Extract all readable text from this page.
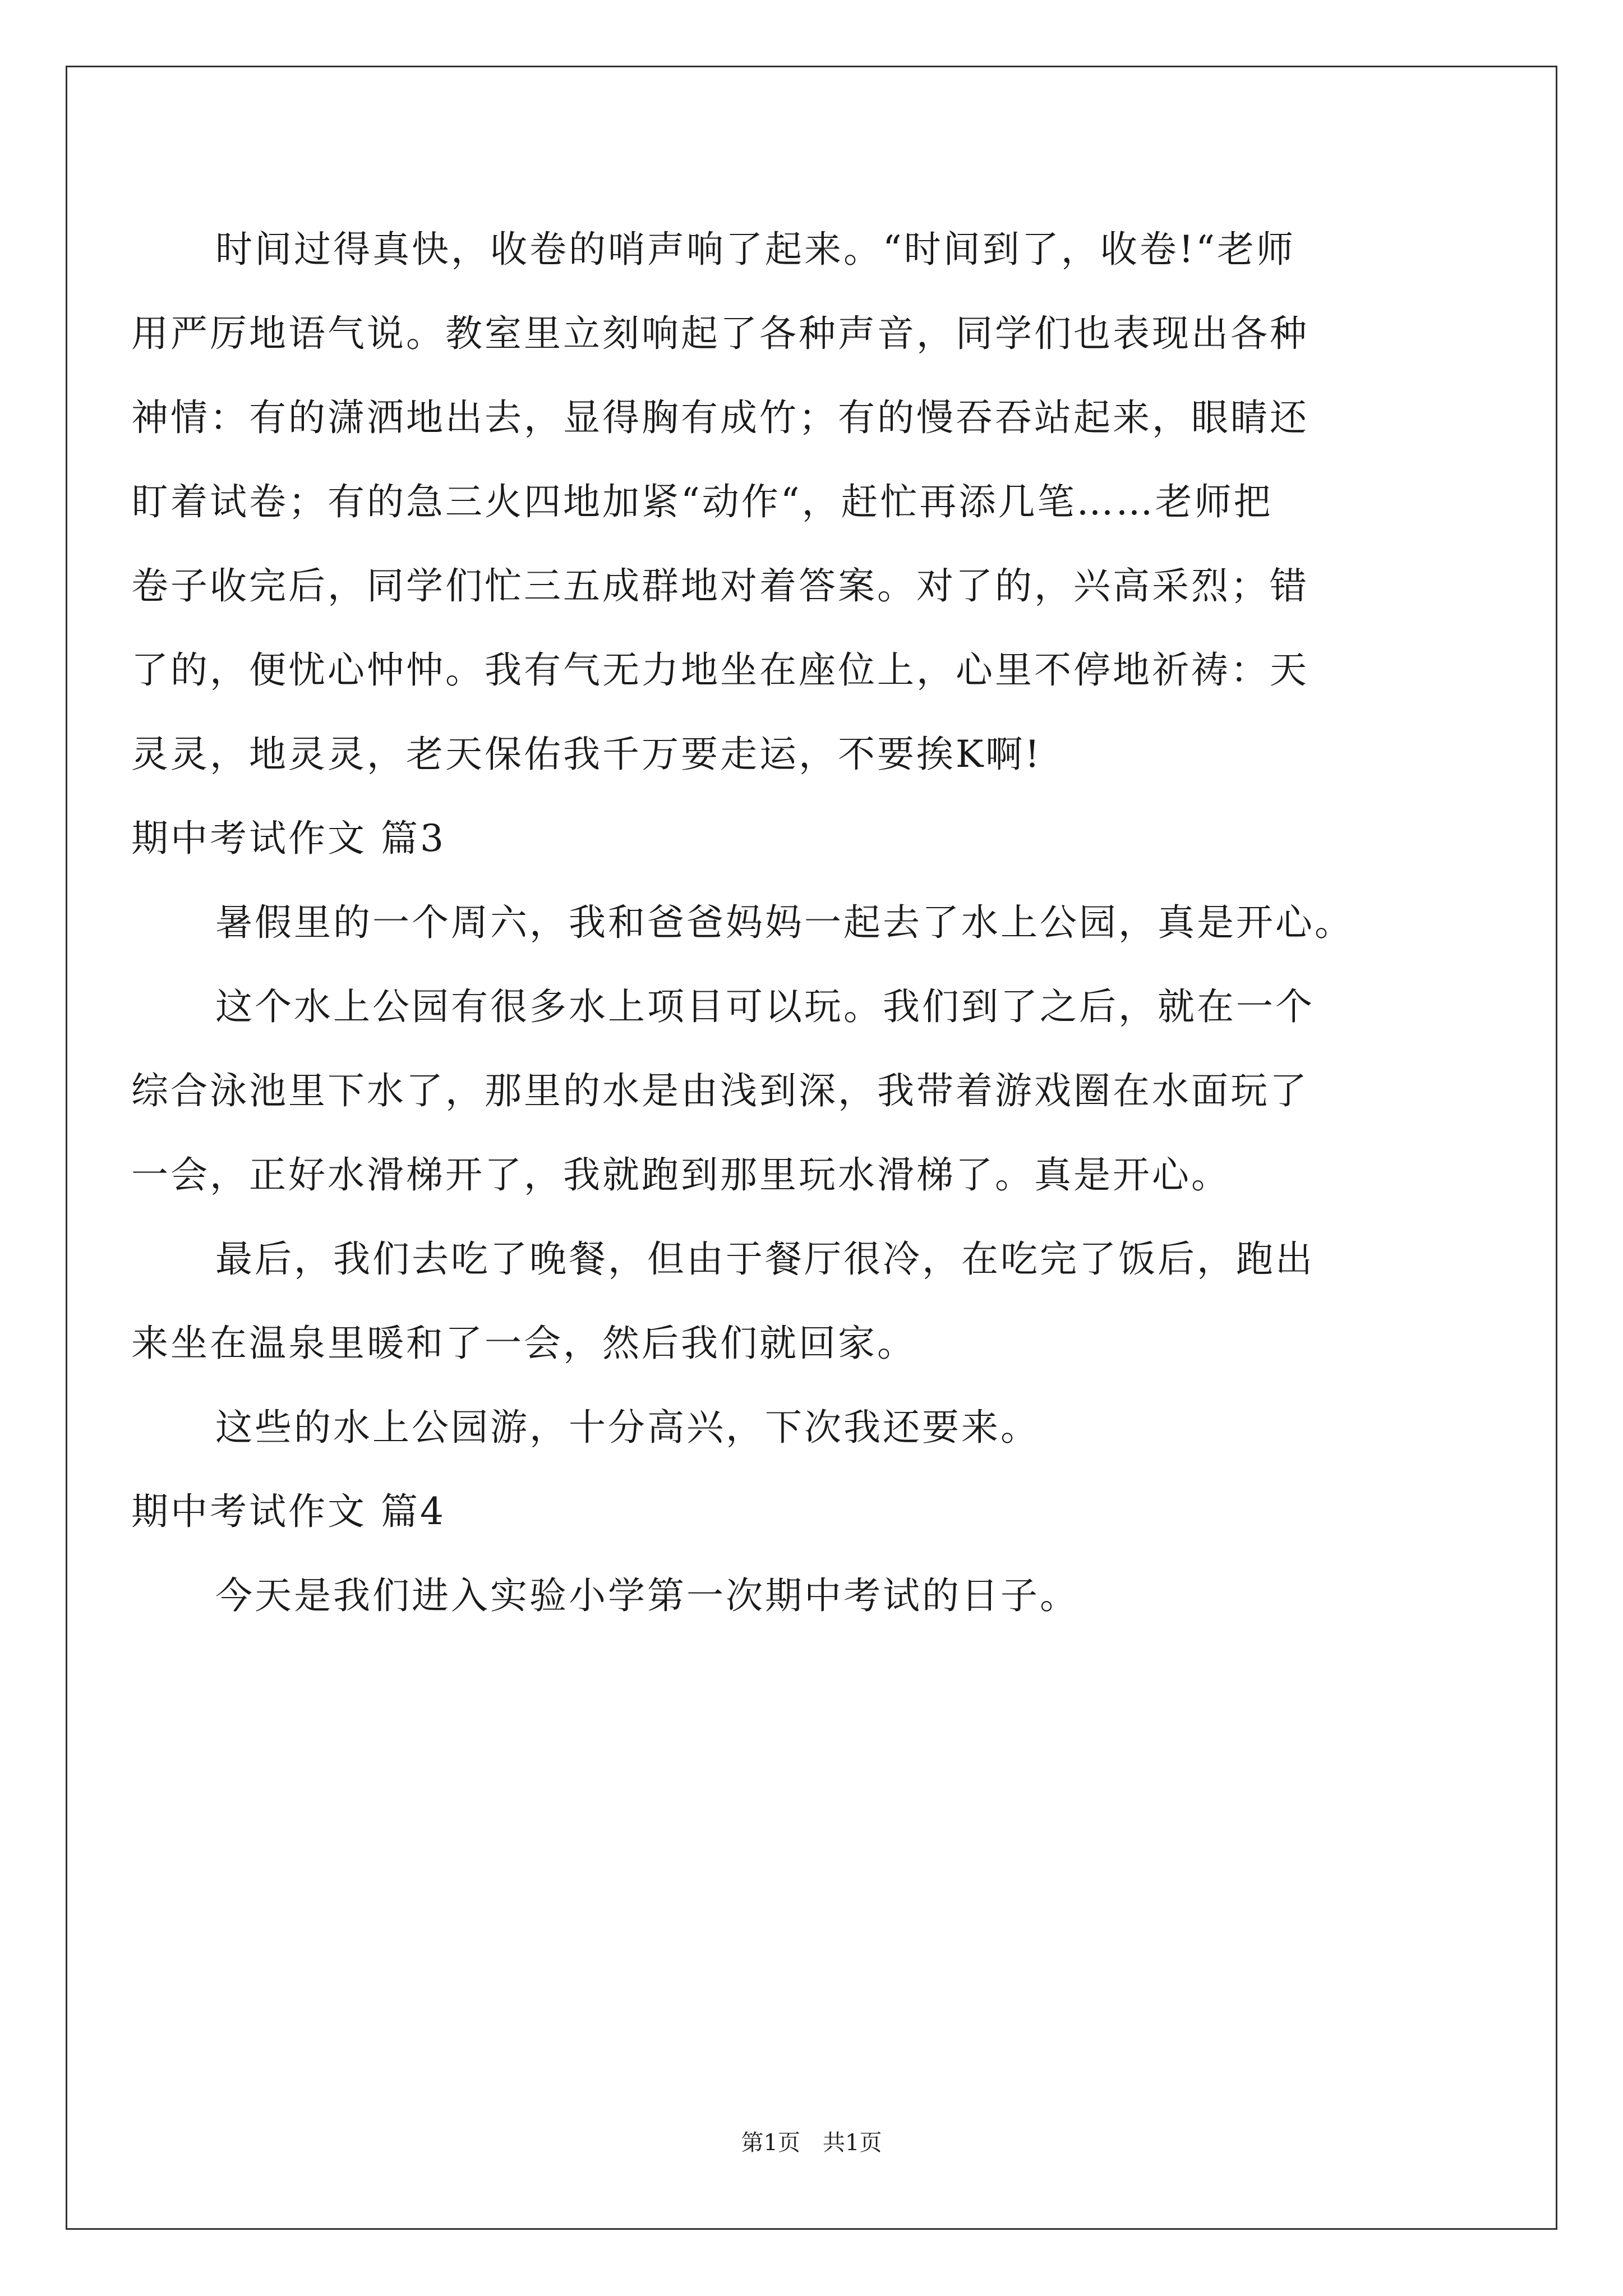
时间过得真快，收卷的哨声响了起来。“时间到了，收卷!“老师
用严厉地语气说。教室里立刻响起了各种声音，同学们也表现出各种
神情：有的潇洒地出去，显得胸有成竹；有的慢吞吞站起来，眼睛还
盯着试卷；有的急三火四地加紧“动作“，赶忙再添几笔……老师把
卷子收完后，同学们忙三五成群地对着答案。对了的，兴高采烈；错
了的，便忧心忡忡。我有气无力地坐在座位上，心里不停地祈祷：天
灵灵，地灵灵，老天保佑我千万要走运，不要挨K啊!
期中考试作文 篇3
暑假里的一个周六，我和爸爸妈妈一起去了水上公园，真是开心。
这个水上公园有很多水上项目可以玩。我们到了之后，就在一个
综合泳池里下水了，那里的水是由浅到深，我带着游戏圈在水面玩了
一会，正好水滑梯开了，我就跑到那里玩水滑梯了。真是开心。
最后，我们去吃了晚餐，但由于餐厅很冷，在吃完了饭后，跑出
来坐在温泉里暖和了一会，然后我们就回家。
这些的水上公园游，十分高兴，下次我还要来。
期中考试作文 篇4
今天是我们进入实验小学第一次期中考试的日子。
第1页　共1页
